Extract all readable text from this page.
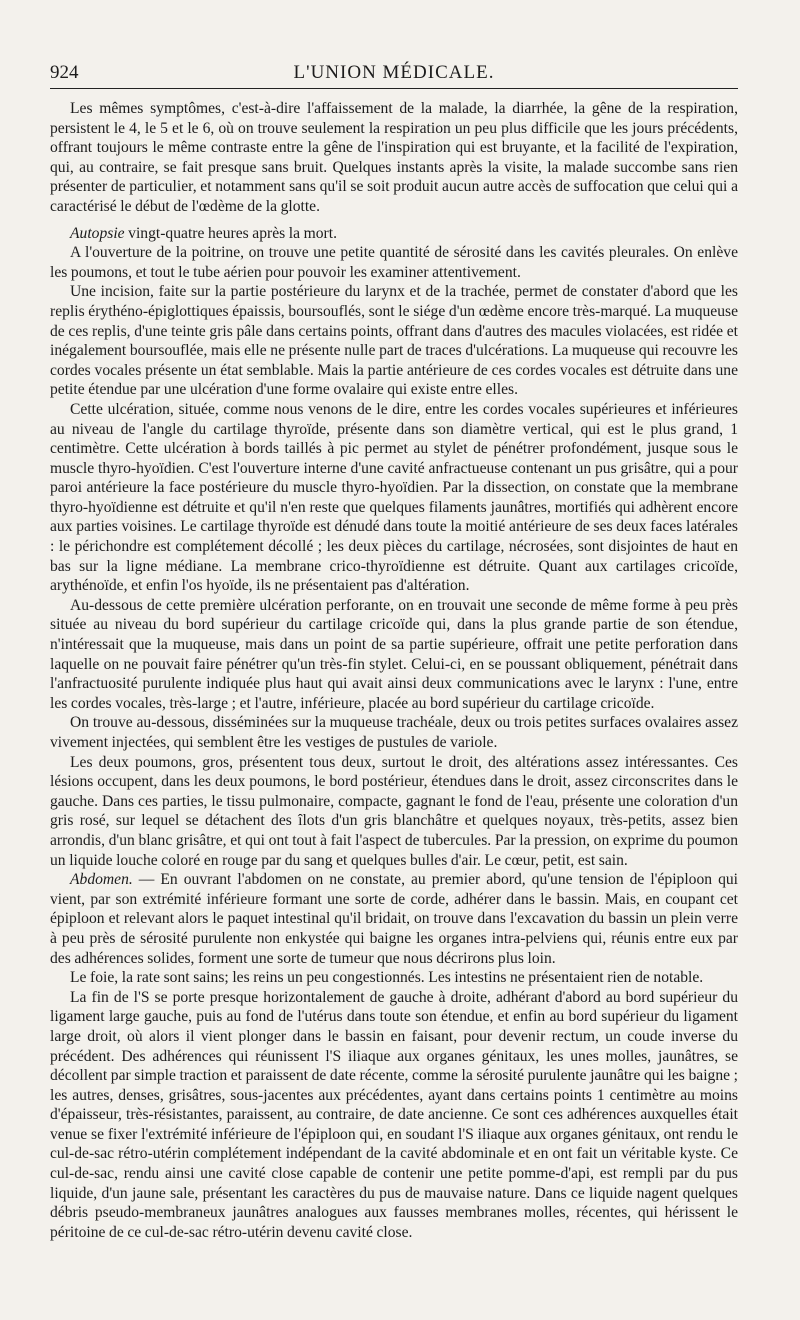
924	L'UNION MÉDICALE.

Les mêmes symptômes, c'est-à-dire l'affaissement de la malade, la diarrhée, la gêne de la respiration, persistent le 4, le 5 et le 6, où on trouve seulement la respiration un peu plus difficile que les jours précédents, offrant toujours le même contraste entre la gêne de l'inspiration qui est bruyante, et la facilité de l'expiration, qui, au contraire, se fait presque sans bruit. Quelques instants après la visite, la malade succombe sans rien présenter de particulier, et notamment sans qu'il se soit produit aucun autre accès de suffocation que celui qui a caractérisé le début de l'œdème de la glotte.

Autopsie vingt-quatre heures après la mort.

A l'ouverture de la poitrine, on trouve une petite quantité de sérosité dans les cavités pleurales. On enlève les poumons, et tout le tube aérien pour pouvoir les examiner attentivement.

Une incision, faite sur la partie postérieure du larynx et de la trachée, permet de constater d'abord que les replis érythéno-épiglottiques épaissis, boursouflés, sont le siége d'un œdème encore très-marqué. La muqueuse de ces replis, d'une teinte gris pâle dans certains points, offrant dans d'autres des macules violacées, est ridée et inégalement boursouflée, mais elle ne présente nulle part de traces d'ulcérations. La muqueuse qui recouvre les cordes vocales présente un état semblable. Mais la partie antérieure de ces cordes vocales est détruite dans une petite étendue par une ulcération d'une forme ovalaire qui existe entre elles.

Cette ulcération, située, comme nous venons de le dire, entre les cordes vocales supérieures et inférieures au niveau de l'angle du cartilage thyroïde, présente dans son diamètre vertical, qui est le plus grand, 1 centimètre. Cette ulcération à bords taillés à pic permet au stylet de pénétrer profondément, jusque sous le muscle thyro-hyoïdien. C'est l'ouverture interne d'une cavité anfractueuse contenant un pus grisâtre, qui a pour paroi antérieure la face postérieure du muscle thyro-hyoïdien. Par la dissection, on constate que la membrane thyro-hyoïdienne est détruite et qu'il n'en reste que quelques filaments jaunâtres, mortifiés qui adhèrent encore aux parties voisines. Le cartilage thyroïde est dénudé dans toute la moitié antérieure de ses deux faces latérales : le périchondre est complétement décollé ; les deux pièces du cartilage, nécrosées, sont disjointes de haut en bas sur la ligne médiane. La membrane crico-thyroïdienne est détruite. Quant aux cartilages cricoïde, arythénoïde, et enfin l'os hyoïde, ils ne présentaient pas d'altération.

Au-dessous de cette première ulcération perforante, on en trouvait une seconde de même forme à peu près située au niveau du bord supérieur du cartilage cricoïde qui, dans la plus grande partie de son étendue, n'intéressait que la muqueuse, mais dans un point de sa partie supérieure, offrait une petite perforation dans laquelle on ne pouvait faire pénétrer qu'un très-fin stylet. Celui-ci, en se poussant obliquement, pénétrait dans l'anfractuosité purulente indiquée plus haut qui avait ainsi deux communications avec le larynx : l'une, entre les cordes vocales, très-large ; et l'autre, inférieure, placée au bord supérieur du cartilage cricoïde.

On trouve au-dessous, disséminées sur la muqueuse trachéale, deux ou trois petites surfaces ovalaires assez vivement injectées, qui semblent être les vestiges de pustules de variole.

Les deux poumons, gros, présentent tous deux, surtout le droit, des altérations assez intéressantes. Ces lésions occupent, dans les deux poumons, le bord postérieur, étendues dans le droit, assez circonscrites dans le gauche. Dans ces parties, le tissu pulmonaire, compacte, gagnant le fond de l'eau, présente une coloration d'un gris rosé, sur lequel se détachent des îlots d'un gris blanchâtre et quelques noyaux, très-petits, assez bien arrondis, d'un blanc grisâtre, et qui ont tout à fait l'aspect de tubercules. Par la pression, on exprime du poumon un liquide louche coloré en rouge par du sang et quelques bulles d'air. Le cœur, petit, est sain.

Abdomen. — En ouvrant l'abdomen on ne constate, au premier abord, qu'une tension de l'épiploon qui vient, par son extrémité inférieure formant une sorte de corde, adhérer dans le bassin. Mais, en coupant cet épiploon et relevant alors le paquet intestinal qu'il bridait, on trouve dans l'excavation du bassin un plein verre à peu près de sérosité purulente non enkystée qui baigne les organes intra-pelviens qui, réunis entre eux par des adhérences solides, forment une sorte de tumeur que nous décrirons plus loin.

Le foie, la rate sont sains; les reins un peu congestionnés. Les intestins ne présentaient rien de notable.

La fin de l'S se porte presque horizontalement de gauche à droite, adhérant d'abord au bord supérieur du ligament large gauche, puis au fond de l'utérus dans toute son étendue, et enfin au bord supérieur du ligament large droit, où alors il vient plonger dans le bassin en faisant, pour devenir rectum, un coude inverse du précédent. Des adhérences qui réunissent l'S iliaque aux organes génitaux, les unes molles, jaunâtres, se décollent par simple traction et paraissent de date récente, comme la sérosité purulente jaunâtre qui les baigne ; les autres, denses, grisâtres, sous-jacentes aux précédentes, ayant dans certains points 1 centimètre au moins d'épaisseur, très-résistantes, paraissent, au contraire, de date ancienne. Ce sont ces adhérences auxquelles était venue se fixer l'extrémité inférieure de l'épiploon qui, en soudant l'S iliaque aux organes génitaux, ont rendu le cul-de-sac rétro-utérin complétement indépendant de la cavité abdominale et en ont fait un véritable kyste. Ce cul-de-sac, rendu ainsi une cavité close capable de contenir une petite pomme-d'api, est rempli par du pus liquide, d'un jaune sale, présentant les caractères du pus de mauvaise nature. Dans ce liquide nagent quelques débris pseudo-membraneux jaunâtres analogues aux fausses membranes molles, récentes, qui hérissent le péritoine de ce cul-de-sac rétro-utérin devenu cavité close.
